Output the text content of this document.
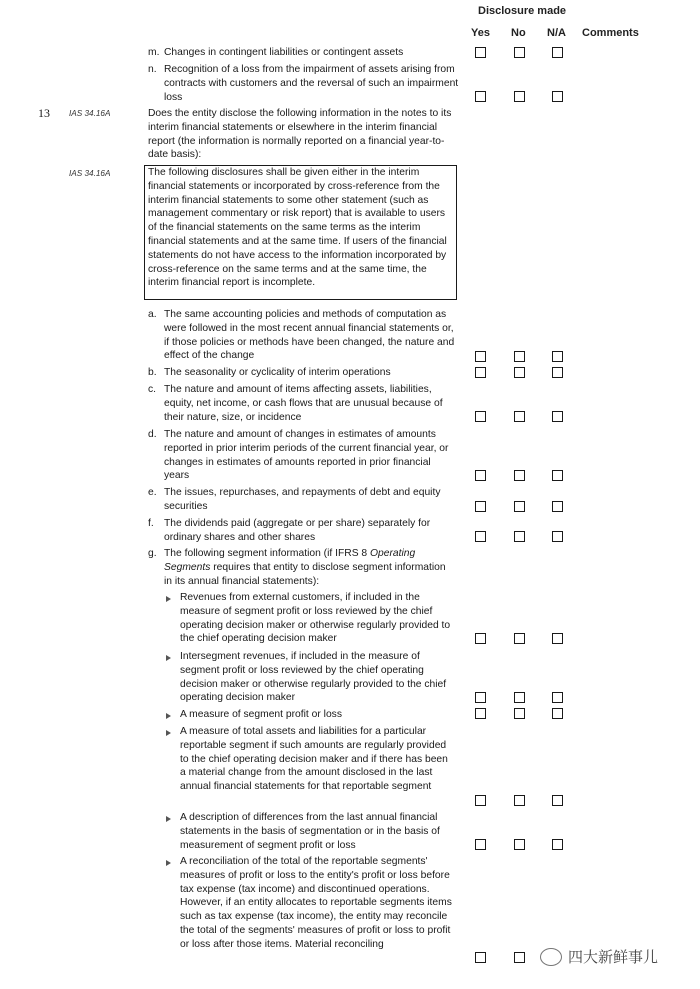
Disclosure made
Yes No N/A Comments
m. Changes in contingent liabilities or contingent assets
n. Recognition of a loss from the impairment of assets arising from contracts with customers and the reversal of such an impairment loss
13 IAS 34.16A	Does the entity disclose the following information in the notes to its interim financial statements or elsewhere in the interim financial report (the information is normally reported on a financial year-to-date basis):
IAS 34.16A	The following disclosures shall be given either in the interim financial statements or incorporated by cross-reference from the interim financial statements to some other statement (such as management commentary or risk report) that is available to users of the financial statements on the same terms as the interim financial statements and at the same time. If users of the financial statements do not have access to the information incorporated by cross-reference on the same terms and at the same time, the interim financial report is incomplete.
a. The same accounting policies and methods of computation as were followed in the most recent annual financial statements or, if those policies or methods have been changed, the nature and effect of the change
b. The seasonality or cyclicality of interim operations
c. The nature and amount of items affecting assets, liabilities, equity, net income, or cash flows that are unusual because of their nature, size, or incidence
d. The nature and amount of changes in estimates of amounts reported in prior interim periods of the current financial year, or changes in estimates of amounts reported in prior financial years
e. The issues, repurchases, and repayments of debt and equity securities
f. The dividends paid (aggregate or per share) separately for ordinary shares and other shares
g. The following segment information (if IFRS 8 Operating Segments requires that entity to disclose segment information in its annual financial statements):
Revenues from external customers, if included in the measure of segment profit or loss reviewed by the chief operating decision maker or otherwise regularly provided to the chief operating decision maker
Intersegment revenues, if included in the measure of segment profit or loss reviewed by the chief operating decision maker or otherwise regularly provided to the chief operating decision maker
A measure of segment profit or loss
A measure of total assets and liabilities for a particular reportable segment if such amounts are regularly provided to the chief operating decision maker and if there has been a material change from the amount disclosed in the last annual financial statements for that reportable segment
A description of differences from the last annual financial statements in the basis of segmentation or in the basis of measurement of segment profit or loss
A reconciliation of the total of the reportable segments' measures of profit or loss to the entity's profit or loss before tax expense (tax income) and discontinued operations. However, if an entity allocates to reportable segments items such as tax expense (tax income), the entity may reconcile the total of the segments' measures of profit or loss to profit or loss after those items. Material reconciling
四大新鲜事儿
